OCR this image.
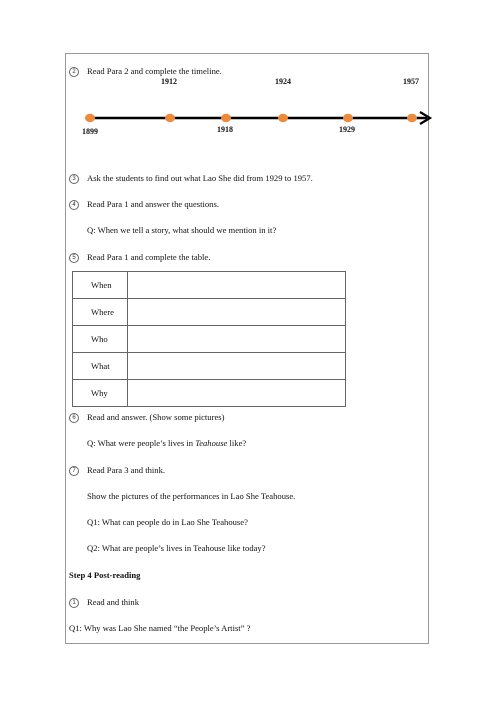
2	Read Para 2 and complete the timeline.
1912	1924	1957
1899	1918	1929
3	Ask the students to find out what Lao She did from 1929 to 1957.
4	Read Para 1 and answer the questions.
Q: When we tell a story, what should we mention in it?
5	Read Para 1 and complete the table.
When	
Where	
Who	
What	
Why	
6	Read and answer. (Show some pictures)
Q: What were people’s lives in Teahouse like?
7	Read Para 3 and think.
Show the pictures of the performances in Lao She Teahouse.
Q1: What can people do in Lao She Teahouse?
Q2: What are people’s lives in Teahouse like today?
Step 4 Post-reading
1	Read and think
Q1: Why was Lao She named “the People’s Artist” ?
